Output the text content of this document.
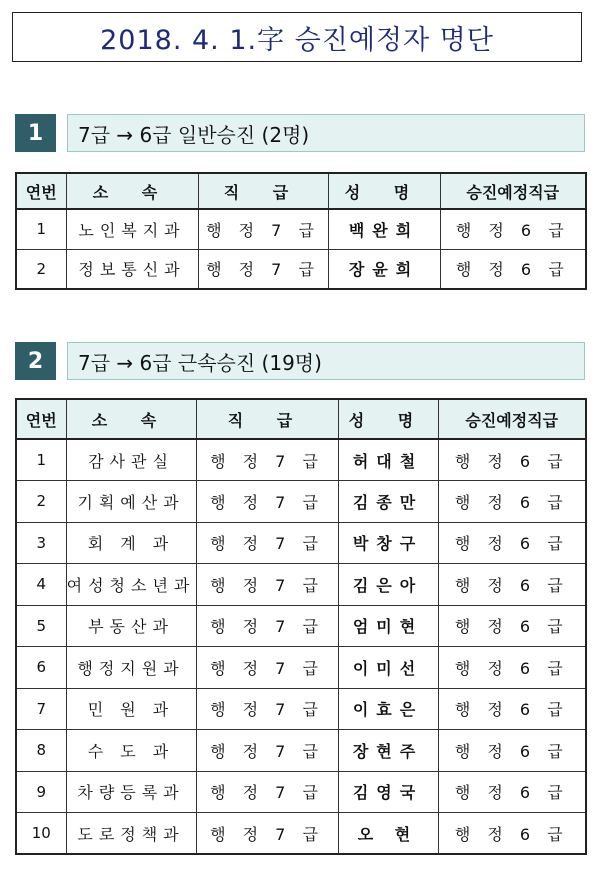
2018. 4. 1.字 승진예정자 명단
1	7급 → 6급 일반승진 (2명)
연번	소 속	직 급	성 명	승진예정직급
1	노인복지과	행 정 7 급	백완희	행 정 6 급
2	정보통신과	행 정 7 급	장윤희	행 정 6 급
2	7급 → 6급 근속승진 (19명)
연번	소 속	직 급	성 명	승진예정직급
1	감사관실	행 정 7 급	허대철	행 정 6 급
2	기획예산과	행 정 7 급	김종만	행 정 6 급
3	회 계 과	행 정 7 급	박창구	행 정 6 급
4	여성청소년과	행 정 7 급	김은아	행 정 6 급
5	부동산과	행 정 7 급	엄미현	행 정 6 급
6	행정지원과	행 정 7 급	이미선	행 정 6 급
7	민 원 과	행 정 7 급	이효은	행 정 6 급
8	수 도 과	행 정 7 급	장현주	행 정 6 급
9	차량등록과	행 정 7 급	김영국	행 정 6 급
10	도로정책과	행 정 7 급	오 현	행 정 6 급
